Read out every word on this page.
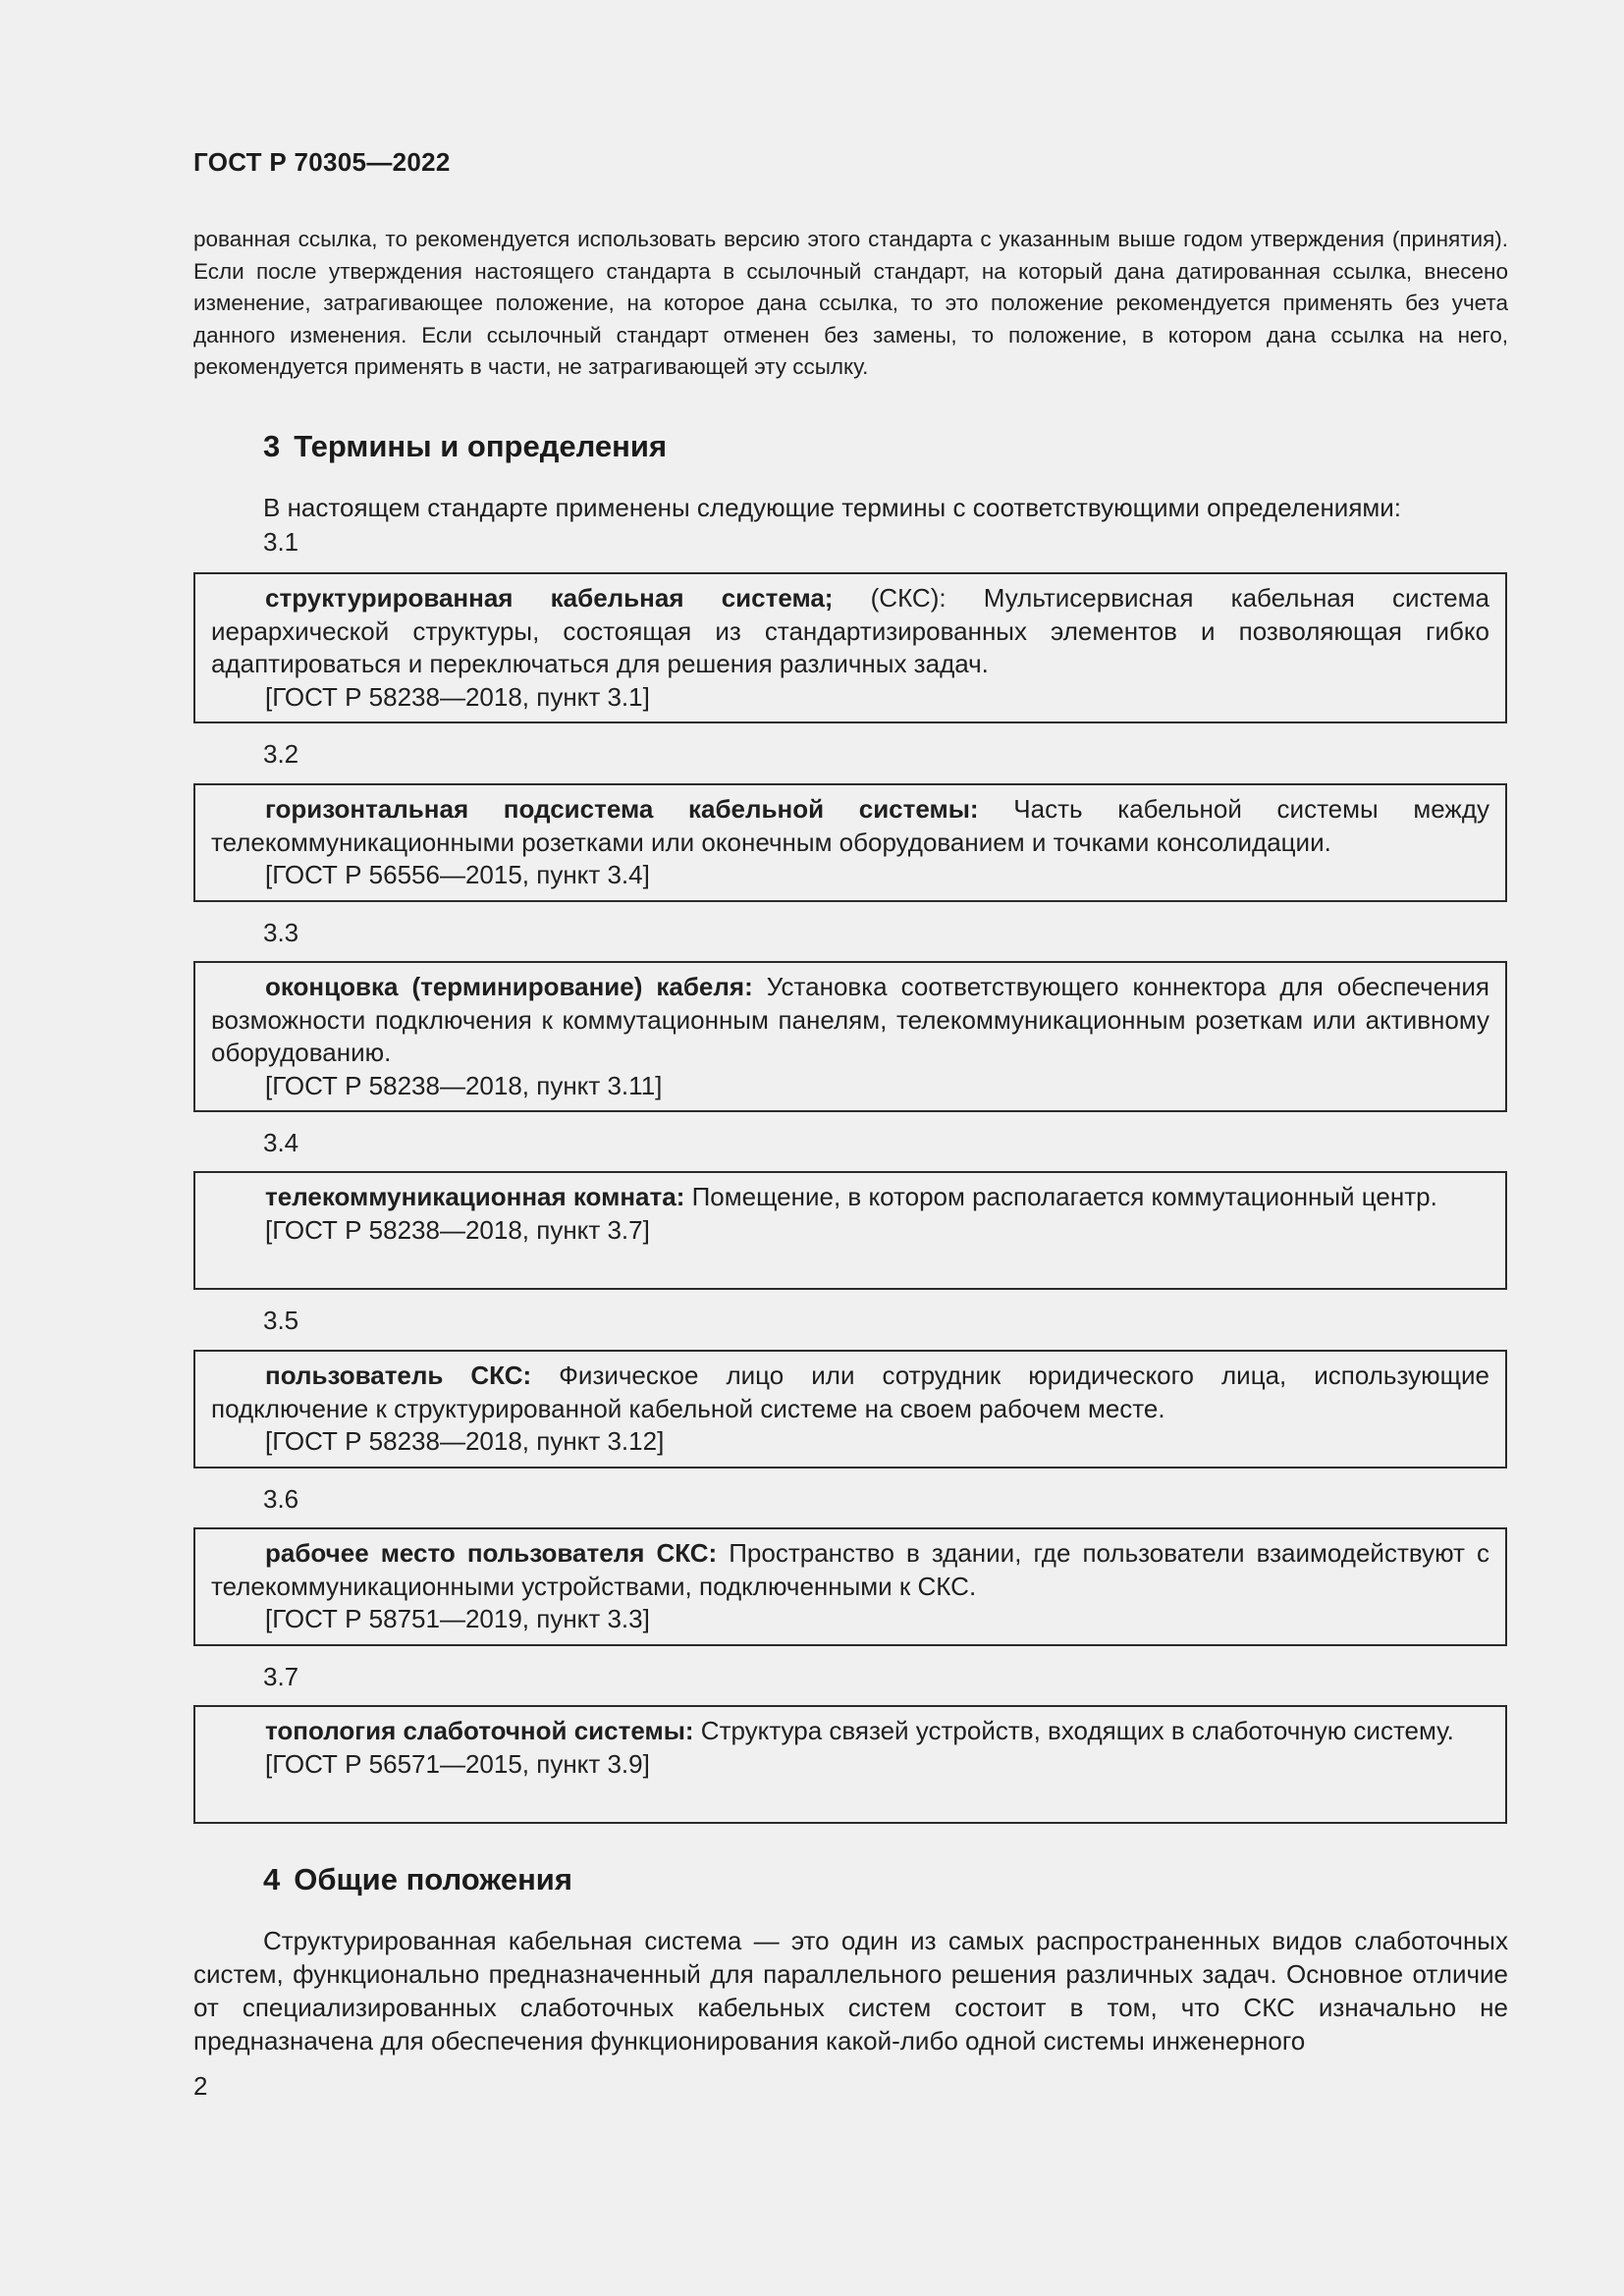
ГОСТ Р 70305—2022

рованная ссылка, то рекомендуется использовать версию этого стандарта с указанным выше годом утверждения (принятия). Если после утверждения настоящего стандарта в ссылочный стандарт, на который дана датированная ссылка, внесено изменение, затрагивающее положение, на которое дана ссылка, то это положение рекомендуется применять без учета данного изменения. Если ссылочный стандарт отменен без замены, то положение, в котором дана ссылка на него, рекомендуется применять в части, не затрагивающей эту ссылку.

3 Термины и определения
В настоящем стандарте применены следующие термины с соответствующими определениями:
3.1

структурированная кабельная система; (СКС): Мультисервисная кабельная система иерархической структуры, состоящая из стандартизированных элементов и позволяющая гибко адаптироваться и переключаться для решения различных задач.

[ГОСТ Р 58238—2018, пункт 3.1]

3.2

горизонтальная подсистема кабельной системы: Часть кабельной системы между телекоммуникационными розетками или оконечным оборудованием и точками консолидации.

[ГОСТ Р 56556—2015, пункт 3.4]

3.3

оконцовка (терминирование) кабеля: Установка соответствующего коннектора для обеспечения возможности подключения к коммутационным панелям, телекоммуникационным розеткам или активному оборудованию.

[ГОСТ Р 58238—2018, пункт 3.11]

3.4

телекоммуникационная комната: Помещение, в котором располагается коммутационный центр.

[ГОСТ Р 58238—2018, пункт 3.7]

3.5

пользователь СКС: Физическое лицо или сотрудник юридического лица, использующие подключение к структурированной кабельной системе на своем рабочем месте.

[ГОСТ Р 58238—2018, пункт 3.12]

3.6

рабочее место пользователя СКС: Пространство в здании, где пользователи взаимодействуют с телекоммуникационными устройствами, подключенными к СКС.

[ГОСТ Р 58751—2019, пункт 3.3]

3.7

топология слаботочной системы: Структура связей устройств, входящих в слаботочную систему.

[ГОСТ Р 56571—2015, пункт 3.9]

4 Общие положения

Структурированная кабельная система — это один из самых распространенных видов слаботочных систем, функционально предназначенный для параллельного решения различных задач. Основное отличие от специализированных слаботочных кабельных систем состоит в том, что СКС изначально не предназначена для обеспечения функционирования какой-либо одной системы инженерного

2
